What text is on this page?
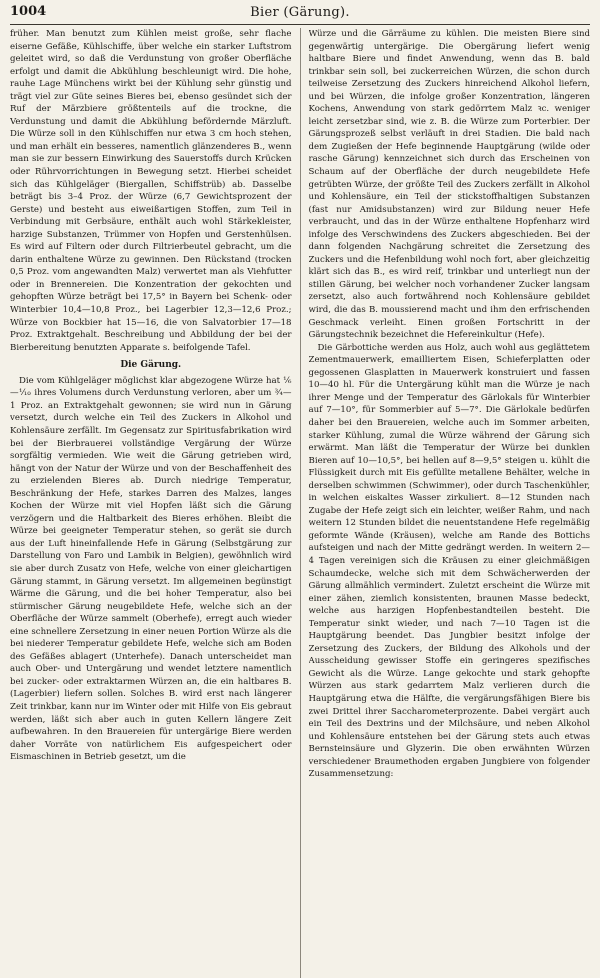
1004	Bier (Gärung).

früher. Man benutzt zum Kühlen meist große, sehr flache eiserne Gefäße, Kühlschiffe, über welche ein starker Luftstrom geleitet wird, so daß die Verdunstung von großer Oberfläche erfolgt und damit die Abkühlung beschleunigt wird. Die hohe, rauhe Lage Münchens wirkt bei der Kühlung sehr günstig und trägt viel zur Güte seines Bieres bei, ebenso gesündet sich der Ruf der Märzbiere größtenteils auf die trockne, die Verdunstung und damit die Abkühlung befördernde Märzluft. Die Würze soll in den Kühlschiffen nur etwa 3 cm hoch stehen, und man erhält ein besseres, namentlich glänzenderes B., wenn man sie zur bessern Einwirkung des Sauerstoffs durch Krücken oder Rührvorrichtungen in Bewegung setzt. Hierbei scheidet sich das Kühlgeläger (Biergallen, Schiffstrüb) ab. Dasselbe beträgt bis 3–4 Proz. der Würze (6,7 Gewichtsprozent der Gerste) und besteht aus eiweißartigen Stoffen, zum Teil in Verbindung mit Gerbsäure, enthält auch wohl Stärkekleister, harzige Substanzen, Trümmer von Hopfen und Gerstenhülsen. Es wird auf Filtern oder durch Filtrierbeutel gebracht, um die darin enthaltene Würze zu gewinnen. Den Rückstand (trocken 0,5 Proz. vom angewandten Malz) verwertet man als Viehfutter oder in Brennereien. Die Konzentration der gekochten und gehopften Würze beträgt bei 17,5° in Bayern bei Schenk- oder Winterbier 10,4—10,8 Proz., bei Lagerbier 12,3—12,6 Proz.; Würze von Bockbier hat 15—16, die von Salvatorbier 17—18 Proz. Extraktgehalt. Beschreibung und Abbildung der bei der Bierbereitung benutzten Apparate s. beifolgende Tafel.

Die Gärung.

Die vom Kühlgeläger möglichst klar abgezogene Würze hat ⅙—⅒ ihres Volumens durch Verdunstung verloren, aber um ¾—1 Proz. an Extraktgehalt gewonnen; sie wird nun in Gärung versetzt, durch welche ein Teil des Zuckers in Alkohol und Kohlensäure zerfällt. Im Gegensatz zur Spiritusfabrikation wird bei der Bierbrauerei vollständige Vergärung der Würze sorgfältig vermieden. Wie weit die Gärung getrieben wird, hängt von der Natur der Würze und von der Beschaffenheit des zu erzielenden Bieres ab. Durch niedrige Temperatur, Beschränkung der Hefe, starkes Darren des Malzes, langes Kochen der Würze mit viel Hopfen läßt sich die Gärung verzögern und die Haltbarkeit des Bieres erhöhen. Bleibt die Würze bei geeigneter Temperatur stehen, so gerät sie durch aus der Luft hineinfallende Hefe in Gärung (Selbstgärung zur Darstellung von Faro und Lambik in Belgien), gewöhnlich wird sie aber durch Zusatz von Hefe, welche von einer gleichartigen Gärung stammt, in Gärung versetzt. Im allgemeinen begünstigt Wärme die Gärung, und die bei hoher Temperatur, also bei stürmischer Gärung neugebildete Hefe, welche sich an der Oberfläche der Würze sammelt (Oberhefe), erregt auch wieder eine schnellere Zersetzung in einer neuen Portion Würze als die bei niederer Temperatur gebildete Hefe, welche sich am Boden des Gefäßes ablagert (Unterhefe). Danach unterscheidet man auch Ober- und Untergärung und wendet letztere namentlich bei zucker- oder extraktarmen Würzen an, die ein haltbares B. (Lagerbier) liefern sollen. Solches B. wird erst nach längerer Zeit trinkbar, kann nur im Winter oder mit Hilfe von Eis gebraut werden, läßt sich aber auch in guten Kellern längere Zeit aufbewahren. In den Brauereien für untergärige Biere werden daher Vorräte von natürlichem Eis aufgespeichert oder Eismaschinen in Betrieb gesetzt, um die

Würze und die Gärräume zu kühlen. Die meisten Biere sind gegenwärtig untergärige. Die Obergärung liefert wenig haltbare Biere und findet Anwendung, wenn das B. bald trinkbar sein soll, bei zuckerreichen Würzen, die schon durch teilweise Zersetzung des Zuckers hinreichend Alkohol liefern, und bei Würzen, die infolge großer Konzentration, längeren Kochens, Anwendung von stark gedörrtem Malz ꝛc. weniger leicht zersetzbar sind, wie z. B. die Würze zum Porterbier. Der Gärungsprozeß selbst verläuft in drei Stadien. Die bald nach dem Zugießen der Hefe beginnende Hauptgärung (wilde oder rasche Gärung) kennzeichnet sich durch das Erscheinen von Schaum auf der Oberfläche der durch neugebildete Hefe getrübten Würze, der größte Teil des Zuckers zerfällt in Alkohol und Kohlensäure, ein Teil der stickstoffhaltigen Substanzen (fast nur Amidsubstanzen) wird zur Bildung neuer Hefe verbraucht, und das in der Würze enthaltene Hopfenharz wird infolge des Verschwindens des Zuckers abgeschieden. Bei der dann folgenden Nachgärung schreitet die Zersetzung des Zuckers und die Hefenbildung wohl noch fort, aber gleichzeitig klärt sich das B., es wird reif, trinkbar und unterliegt nun der stillen Gärung, bei welcher noch vorhandener Zucker langsam zersetzt, also auch fortwährend noch Kohlensäure gebildet wird, die das B. moussierend macht und ihm den erfrischenden Geschmack verleiht. Einen großen Fortschritt in der Gärungstechnik bezeichnet die Hefereinkultur (Hefe).

Die Gärbottiche werden aus Holz, auch wohl aus geglättetem Zementmauerwerk, emailliertem Eisen, Schieferplatten oder gegossenen Glasplatten in Mauerwerk konstruiert und fassen 10—40 hl. Für die Untergärung kühlt man die Würze je nach ihrer Menge und der Temperatur des Gärlokals für Winterbier auf 7—10°, für Sommerbier auf 5—7°. Die Gärlokale bedürfen daher bei den Brauereien, welche auch im Sommer arbeiten, starker Kühlung, zumal die Würze während der Gärung sich erwärmt. Man läßt die Temperatur der Würze bei dunklen Bieren auf 10—10,5°, bei hellen auf 8—9,5° steigen u. kühlt die Flüssigkeit durch mit Eis gefüllte metallene Behälter, welche in derselben schwimmen (Schwimmer), oder durch Taschenkühler, in welchen eiskaltes Wasser zirkuliert. 8—12 Stunden nach Zugabe der Hefe zeigt sich ein leichter, weißer Rahm, und nach weitern 12 Stunden bildet die neuentstandene Hefe regelmäßig geformte Wände (Kräusen), welche am Rande des Bottichs aufsteigen und nach der Mitte gedrängt werden. In weitern 2—4 Tagen vereinigen sich die Kräusen zu einer gleichmäßigen Schaumdecke, welche sich mit dem Schwächerwerden der Gärung allmählich vermindert. Zuletzt erscheint die Würze mit einer zähen, ziemlich konsistenten, braunen Masse bedeckt, welche aus harzigen Hopfenbestandteilen besteht. Die Temperatur sinkt wieder, und nach 7—10 Tagen ist die Hauptgärung beendet. Das Jungbier besitzt infolge der Zersetzung des Zuckers, der Bildung des Alkohols und der Ausscheidung gewisser Stoffe ein geringeres spezifisches Gewicht als die Würze. Lange gekochte und stark gehopfte Würzen aus stark gedarrtem Malz verlieren durch die Hauptgärung etwa die Hälfte, die vergärungsfähigen Biere bis zwei Drittel ihrer Saccharometerprozente. Dabei vergärt auch ein Teil des Dextrins und der Milchsäure, und neben Alkohol und Kohlensäure entstehen bei der Gärung stets auch etwas Bernsteinsäure und Glyzerin. Die oben erwähnten Würzen verschiedener Braumethoden ergaben Jungbiere von folgender Zusammensetzung:
